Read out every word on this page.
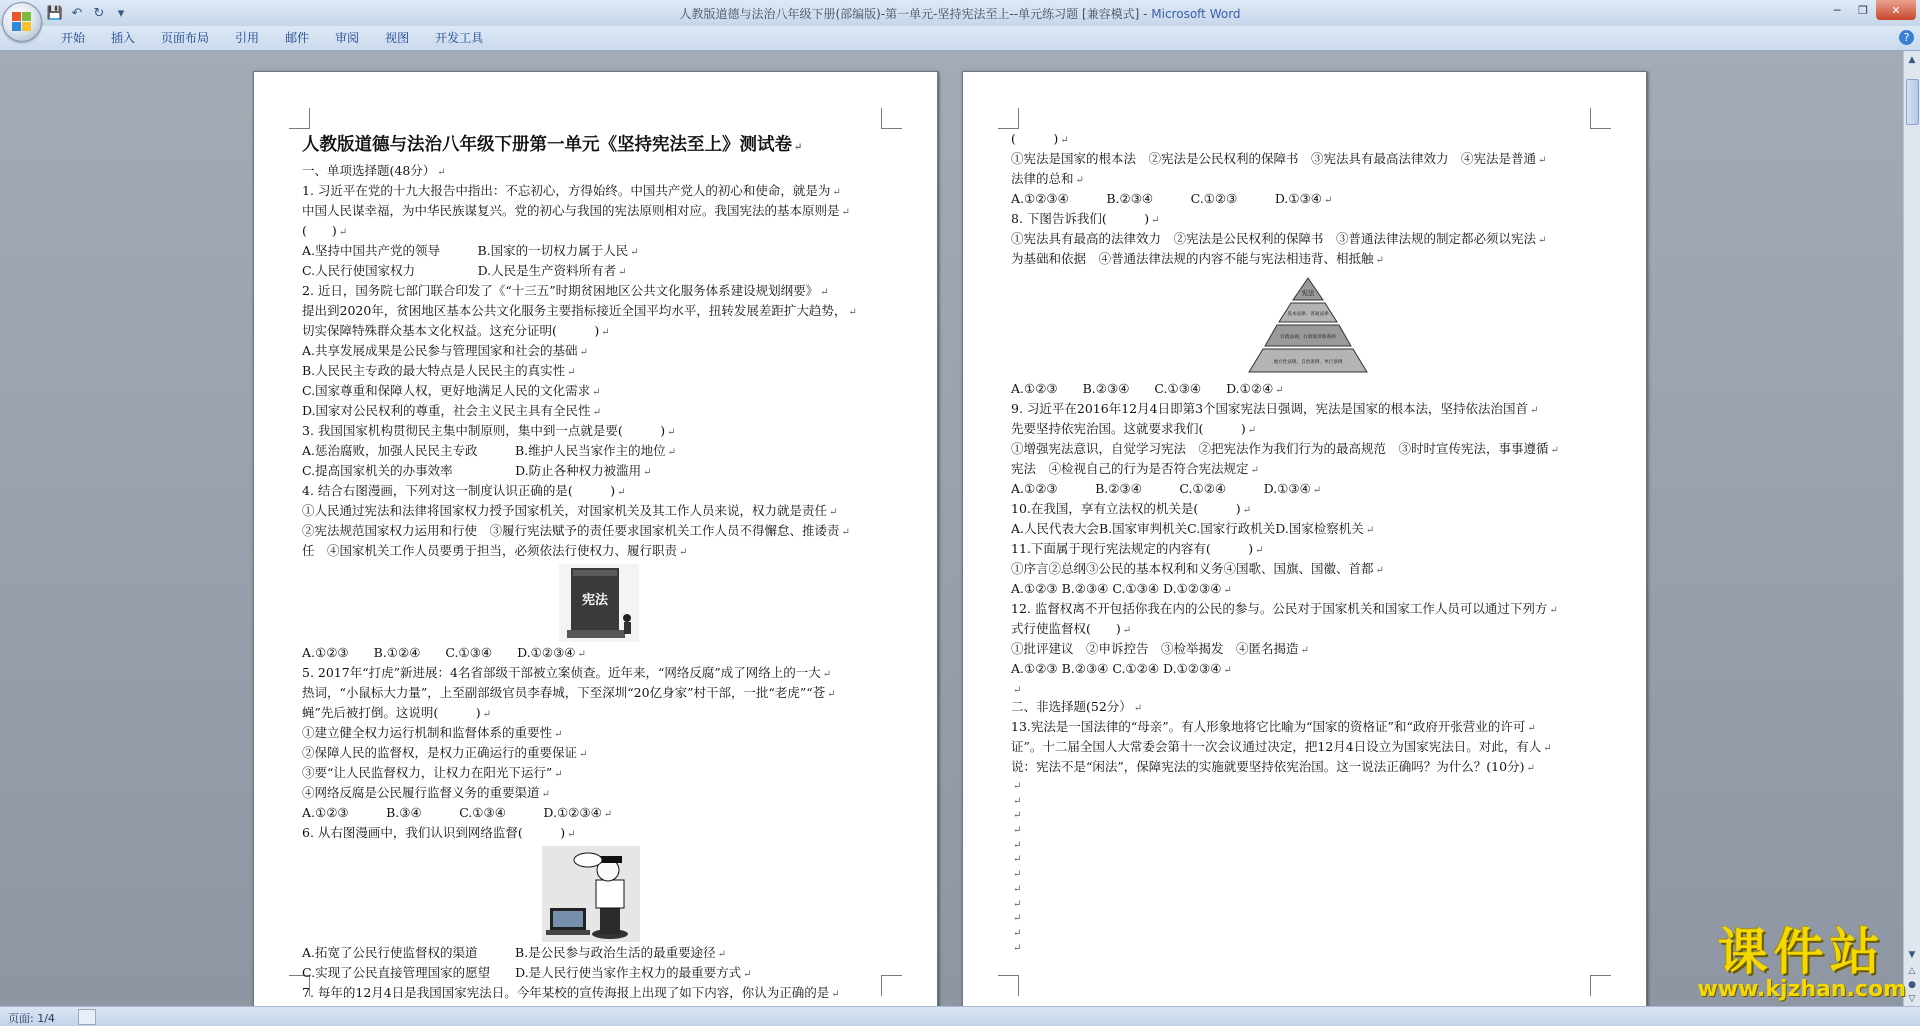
💾 ↶ ↻	▾	人教版道德与法治八年级下册(部编版)-第一单元-坚持宪法至上--单元练习题 [兼容模式] - Microsoft Word	─	❐	✕
开始	插入	页面布局	引用	邮件	审阅	视图	开发工具	?
人教版道德与法治八年级下册第一单元《坚持宪法至上》测试卷 ↵
一、单项选择题(48分） ↵
1. 习近平在党的十九大报告中指出：不忘初心，方得始终。中国共产党人的初心和使命，就是为 ↵
中国人民谋幸福，为中华民族谋复兴。党的初心与我国的宪法原则相对应。我国宪法的基本原则是 ↵
(　　) ↵
A.坚持中国共产党的领导　　　B.国家的一切权力属于人民 ↵
C.人民行使国家权力　　　　　D.人民是生产资料所有者 ↵
2. 近日，国务院七部门联合印发了《“十三五”时期贫困地区公共文化服务体系建设规划纲要》 ↵
提出到2020年，贫困地区基本公共文化服务主要指标接近全国平均水平，扭转发展差距扩大趋势， ↵
切实保障特殊群众基本文化权益。这充分证明(　　　) ↵
A.共享发展成果是公民参与管理国家和社会的基础 ↵
B.人民民主专政的最大特点是人民民主的真实性 ↵
C.国家尊重和保障人权，更好地满足人民的文化需求 ↵
D.国家对公民权利的尊重，社会主义民主具有全民性 ↵
3. 我国国家机构贯彻民主集中制原则，集中到一点就是要(　　　) ↵
A.惩治腐败，加强人民民主专政　　　B.维护人民当家作主的地位 ↵
C.提高国家机关的办事效率　　　　　D.防止各种权力被滥用 ↵
4. 结合右图漫画，下列对这一制度认识正确的是(　　　) ↵
①人民通过宪法和法律将国家权力授予国家机关，对国家机关及其工作人员来说，权力就是责任 ↵
②宪法规范国家权力运用和行使　③履行宪法赋予的责任要求国家机关工作人员不得懈怠、推诿责 ↵
任　④国家机关工作人员要勇于担当，必须依法行使权力、履行职责 ↵
宪法
A.①②③　　B.①②④　　C.①③④　　D.①②③④ ↵
5. 2017年“打虎”新进展：4名省部级干部被立案侦查。近年来，“网络反腐”成了网络上的一大 ↵
热词，“小鼠标大力量”，上至副部级官员李春城，下至深圳“20亿身家”村干部，一批“老虎”“苍 ↵
蝇”先后被打倒。这说明(　　　) ↵
①建立健全权力运行机制和监督体系的重要性 ↵
②保障人民的监督权，是权力正确运行的重要保证 ↵
③要“让人民监督权力，让权力在阳光下运行” ↵
④网络反腐是公民履行监督义务的重要渠道 ↵
A.①②③　　　B.③④　　　C.①③④　　　D.①②③④ ↵
6. 从右图漫画中，我们认识到网络监督(　　　) ↵
A.拓宽了公民行使监督权的渠道　　　B.是公民参与政治生活的最重要途径 ↵
C.实现了公民直接管理国家的愿望　　D.是人民行使当家作主权力的最重要方式 ↵
7. 每年的12月4日是我国国家宪法日。今年某校的宣传海报上出现了如下内容，你认为正确的是 ↵
(　　　) ↵
①宪法是国家的根本法　②宪法是公民权利的保障书　③宪法具有最高法律效力　④宪法是普通 ↵
法律的总和 ↵
A.①②③④　　　B.②③④　　　C.①②③　　　D.①③④ ↵
8. 下图告诉我们(　　　) ↵
①宪法具有最高的法律效力　②宪法是公民权利的保障书　③普通法律法规的制定都必须以宪法 ↵
为基础和依据　④普通法律法规的内容不能与宪法相违背、相抵触 ↵
宪法
基本法律、普通法律
行政法规、行政规章和条例
地方性法规、自治条例、单行条例
A.①②③　　B.②③④　　C.①③④　　D.①②④ ↵
9. 习近平在2016年12月4日即第3个国家宪法日强调，宪法是国家的根本法，坚持依法治国首 ↵
先要坚持依宪治国。这就要求我们(　　　) ↵
①增强宪法意识，自觉学习宪法　②把宪法作为我们行为的最高规范　③时时宣传宪法，事事遵循 ↵
宪法　④检视自己的行为是否符合宪法规定 ↵
A.①②③　　　B.②③④　　　C.①②④　　　D.①③④ ↵
10.在我国，享有立法权的机关是(　　　) ↵
A.人民代表大会B.国家审判机关C.国家行政机关D.国家检察机关 ↵
11.下面属于现行宪法规定的内容有(　　　) ↵
①序言②总纲③公民的基本权利和义务④国歌、国旗、国徽、首都 ↵
A.①②③ B.②③④ C.①③④ D.①②③④ ↵
12. 监督权离不开包括你我在内的公民的参与。公民对于国家机关和国家工作人员可以通过下列方 ↵
式行使监督权(　　) ↵
①批评建议　②申诉控告　③检举揭发　④匿名揭造 ↵
A.①②③ B.②③④ C.①②④ D.①②③④ ↵
↵
二、非选择题(52分） ↵
13.宪法是一国法律的“母亲”。有人形象地将它比喻为“国家的资格证”和“政府开张营业的许可 ↵
证”。十二届全国人大常委会第十一次会议通过决定，把12月4日设立为国家宪法日。对此，有人 ↵
说：宪法不是“闲法”，保障宪法的实施就要坚持依宪治国。这一说法正确吗？为什么？(10分) ↵
↵
↵
↵
↵
↵
↵
↵
↵
↵
↵
↵
↵
▲
▼
△
●
▽
课件站
www.kjzhan.com
页面: 1/4
